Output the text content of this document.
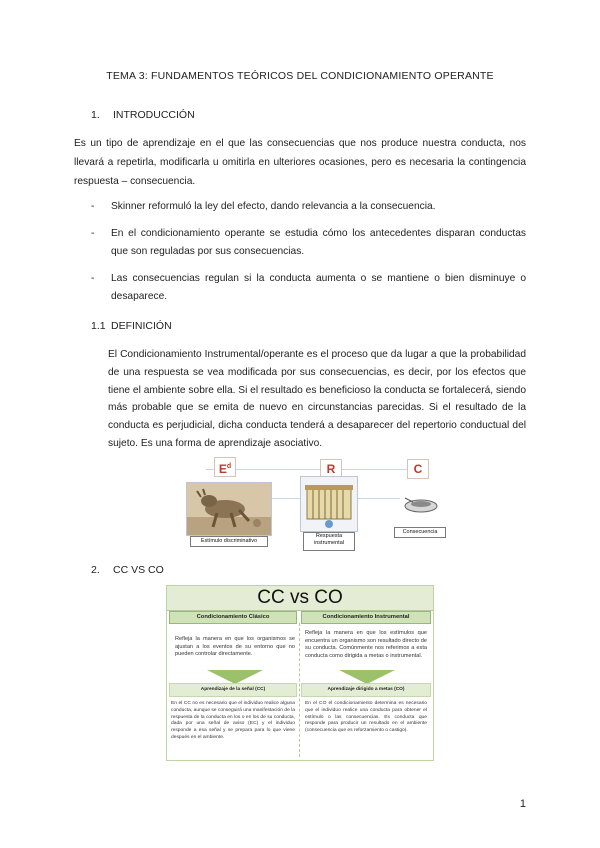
TEMA 3: FUNDAMENTOS TEÓRICOS DEL CONDICIONAMIENTO OPERANTE
1. INTRODUCCIÓN
Es un tipo de aprendizaje en el que las consecuencias que nos produce nuestra conducta, nos llevará a repetirla, modificarla u omitirla en ulteriores ocasiones, pero es necesaria la contingencia respuesta – consecuencia.
- Skinner reformuló la ley del efecto, dando relevancia a la consecuencia.
- En el condicionamiento operante se estudia cómo los antecedentes disparan conductas que son reguladas por sus consecuencias.
- Las consecuencias regulan si la conducta aumenta o se mantiene o bien disminuye o desaparece.
1.1 DEFINICIÓN
El Condicionamiento Instrumental/operante es el proceso que da lugar a que la probabilidad de una respuesta se vea modificada por sus consecuencias, es decir, por los efectos que tiene el ambiente sobre ella. Si el resultado es beneficioso la conducta se fortalecerá, siendo más probable que se emita de nuevo en circunstancias parecidas. Si el resultado de la conducta es perjudicial, dicha conducta tenderá a desaparecer del repertorio conductual del sujeto. Es una forma de aprendizaje asociativo.
$E^d$	R	C
Estímulo discriminativo
Respuesta instrumental
Consecuencia
2. CC VS CO
CC vs CO
Condicionamiento Clásico	Condicionamiento Instrumental
Refleja la manera en que los organismos se ajustan a los eventos de su entorno que no pueden controlar directamente.
Refleja la manera en que los estímulos que encuentra un organismo son resultado directo de su conducta. Comúnmente nos referimos a esta conducta como dirigida a metas o instrumental.
Aprendizaje de la señal (CC)	Aprendizaje dirigido a metas (CO)
En el CC no es necesario que el individuo realice alguna conducta, aunque se conseguirá una manifestación de la respuesta de la conducta en los o en los de su conducta, dada por una señal de aviso (EC) y el individuo responde a esa señal y se prepara para lo que viene después en el ambiente.
En el CO el condicionamiento determina es necesario que el individuo realice una conducta para obtener el estímulo o las consecuencias. Es conducta que responde para producir un resultado en el ambiente (consecuencia que es reforzamiento o castigo).
1
